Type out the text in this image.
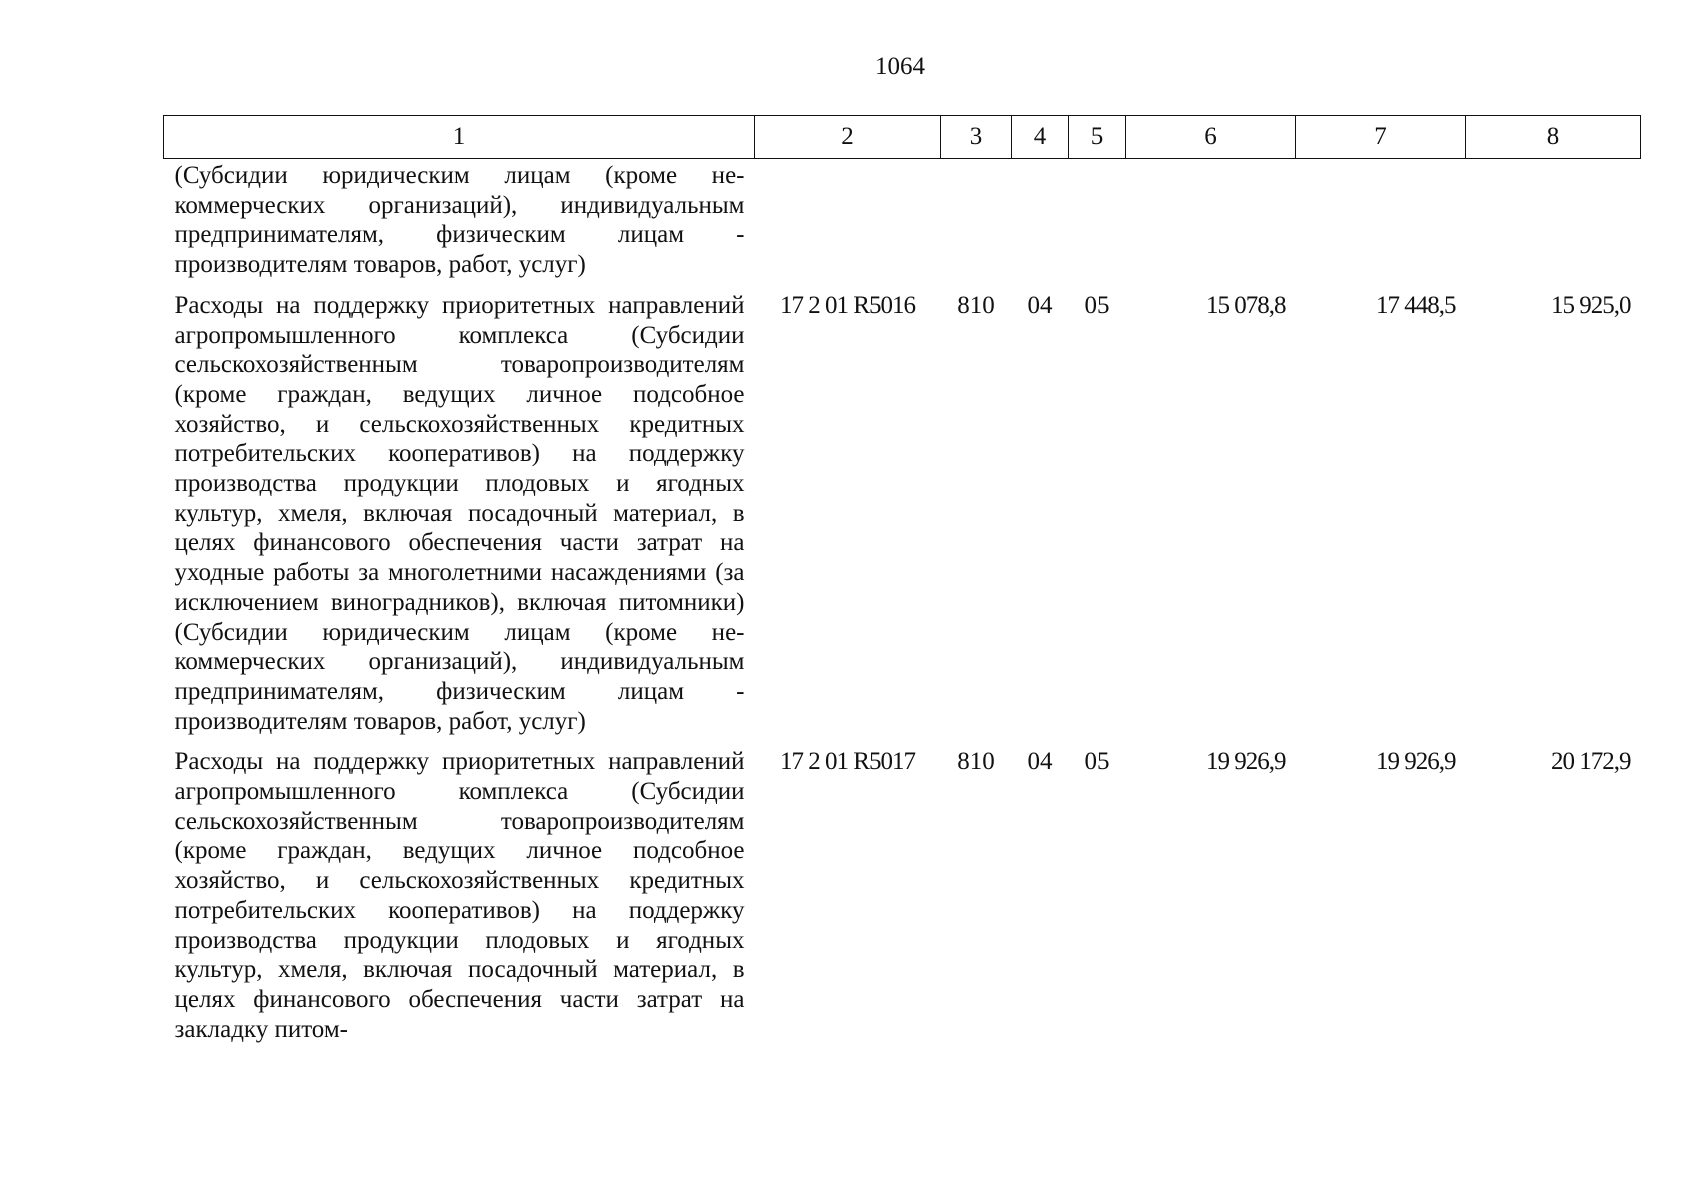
1064
1	2	3	4	5	6	7	8
(Субсидии юридическим лицам (кроме некоммерческих организаций), индивидуальным предпринимателям, физическим лицам - производителям товаров, работ, услуг)							
Расходы на поддержку приоритетных направлений агропромышленного комплекса (Субсидии сельскохозяйственным товаропроизводителям (кроме граждан, ведущих личное подсобное хозяйство, и сельскохозяйственных кредитных потребительских кооперативов) на поддержку производства продукции плодовых и ягодных культур, хмеля, включая посадочный материал, в целях финансового обеспечения части затрат на уходные работы за многолетними насаждениями (за исключением виноградников), включая питомники) (Субсидии юридическим лицам (кроме некоммерческих организаций), индивидуальным предпринимателям, физическим лицам - производителям товаров, работ, услуг)	17 2 01 R5016	810	04	05	15 078,8	17 448,5	15 925,0
Расходы на поддержку приоритетных направлений агропромышленного комплекса (Субсидии сельскохозяйственным товаропроизводителям (кроме граждан, ведущих личное подсобное хозяйство, и сельскохозяйственных кредитных потребительских кооперативов) на поддержку производства продукции плодовых и ягодных культур, хмеля, включая посадочный материал, в целях финансового обеспечения части затрат на закладку питом-	17 2 01 R5017	810	04	05	19 926,9	19 926,9	20 172,9
